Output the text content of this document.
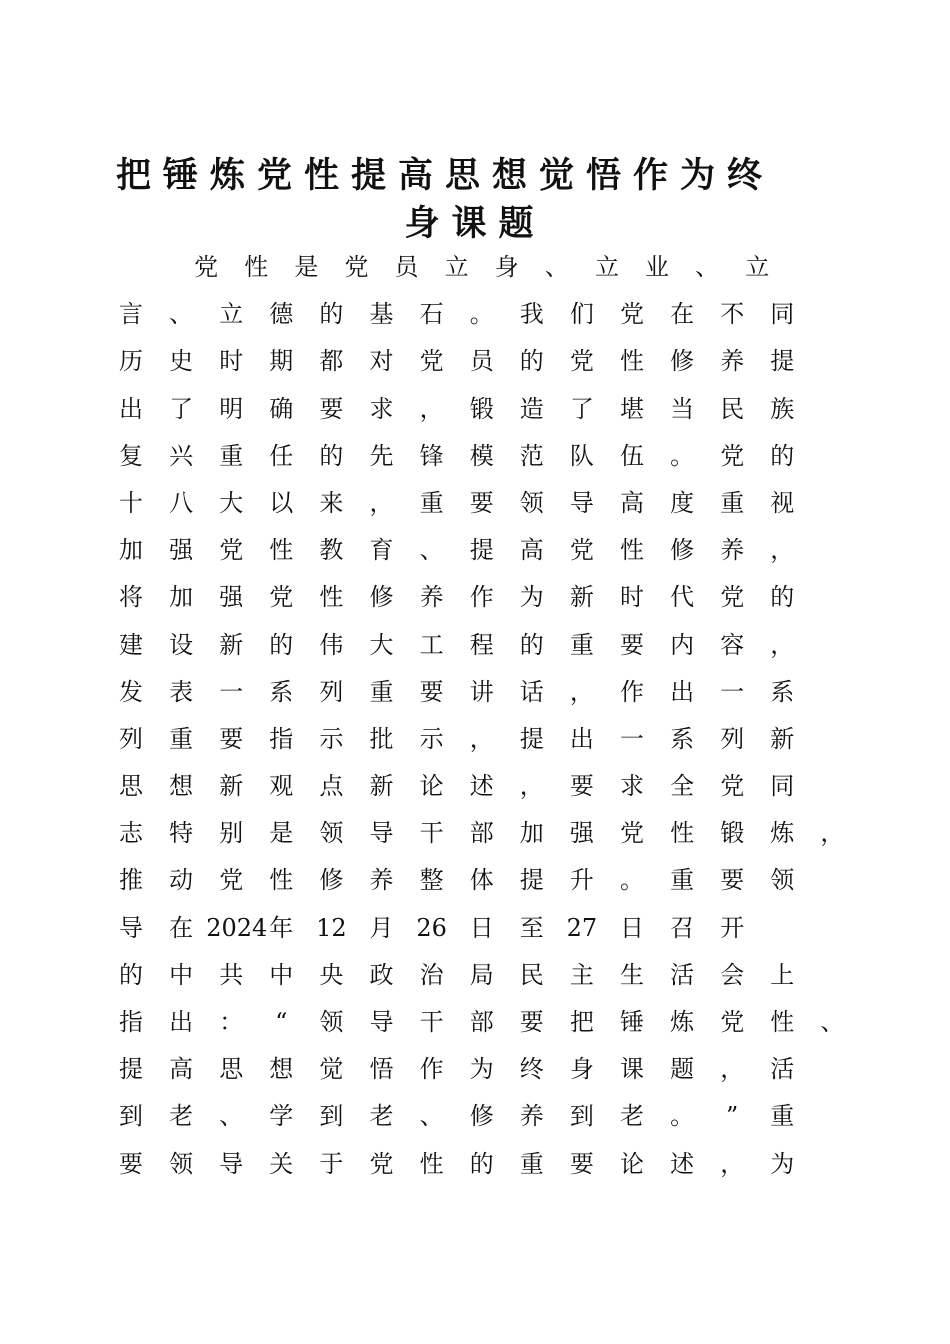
把锤炼党性提高思想觉悟作为终
身课题
党	性	是	党	员	立	身	、	立	业	、	立
言	、	立	德	的	基	石	。	我	们	党	在	不	同
历	史	时	期	都	对	党	员	的	党	性	修	养	提
出	了	明	确	要	求	，	锻	造	了	堪	当	民	族
复	兴	重	任	的	先	锋	模	范	队	伍	。	党	的
十	八	大	以	来	，	重	要	领	导	高	度	重	视
加	强	党	性	教	育	、	提	高	党	性	修	养	，
将	加	强	党	性	修	养	作	为	新	时	代	党	的
建	设	新	的	伟	大	工	程	的	重	要	内	容	，
发	表	一	系	列	重	要	讲	话	，	作	出	一	系
列	重	要	指	示	批	示	，	提	出	一	系	列	新
思	想	新	观	点	新	论	述	，	要	求	全	党	同
志	特	别	是	领	导	干	部	加	强	党	性	锻	炼	，
推	动	党	性	修	养	整	体	提	升	。	重	要	领
导	在 2024 年 12 月 26 日	至 27 日	召	开
的	中	共	中	央	政	治	局	民	主	生	活	会	上
指	出	：	“	领	导	干	部	要	把	锤	炼	党	性	、
提	高	思	想	觉	悟	作	为	终	身	课	题	，	活
到	老	、	学	到	老	、	修	养	到	老	。	”	重
要	领	导	关	于	党	性	的	重	要	论	述	，	为
